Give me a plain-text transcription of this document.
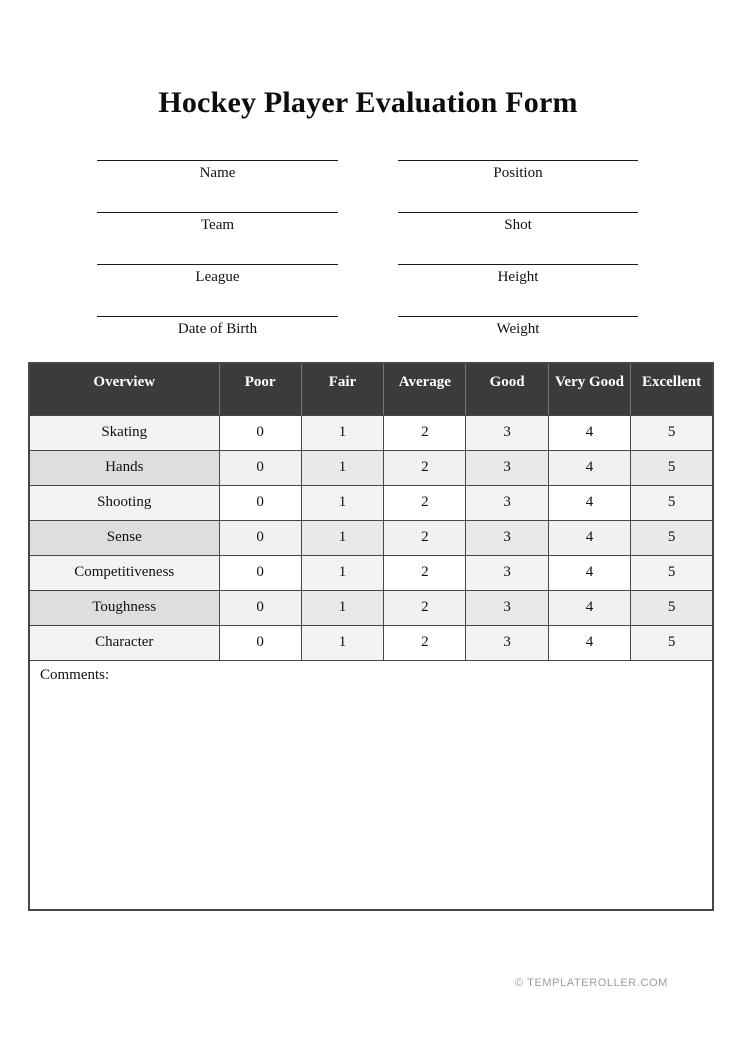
Hockey Player Evaluation Form
Name	Position
Team	Shot
League	Height
Date of Birth	Weight
Overview	Poor	Fair	Average	Good	Very Good	Excellent
Skating	0	1	2	3	4	5
Hands	0	1	2	3	4	5
Shooting	0	1	2	3	4	5
Sense	0	1	2	3	4	5
Competitiveness	0	1	2	3	4	5
Toughness	0	1	2	3	4	5
Character	0	1	2	3	4	5
Comments:						
© TEMPLATEROLLER.COM
